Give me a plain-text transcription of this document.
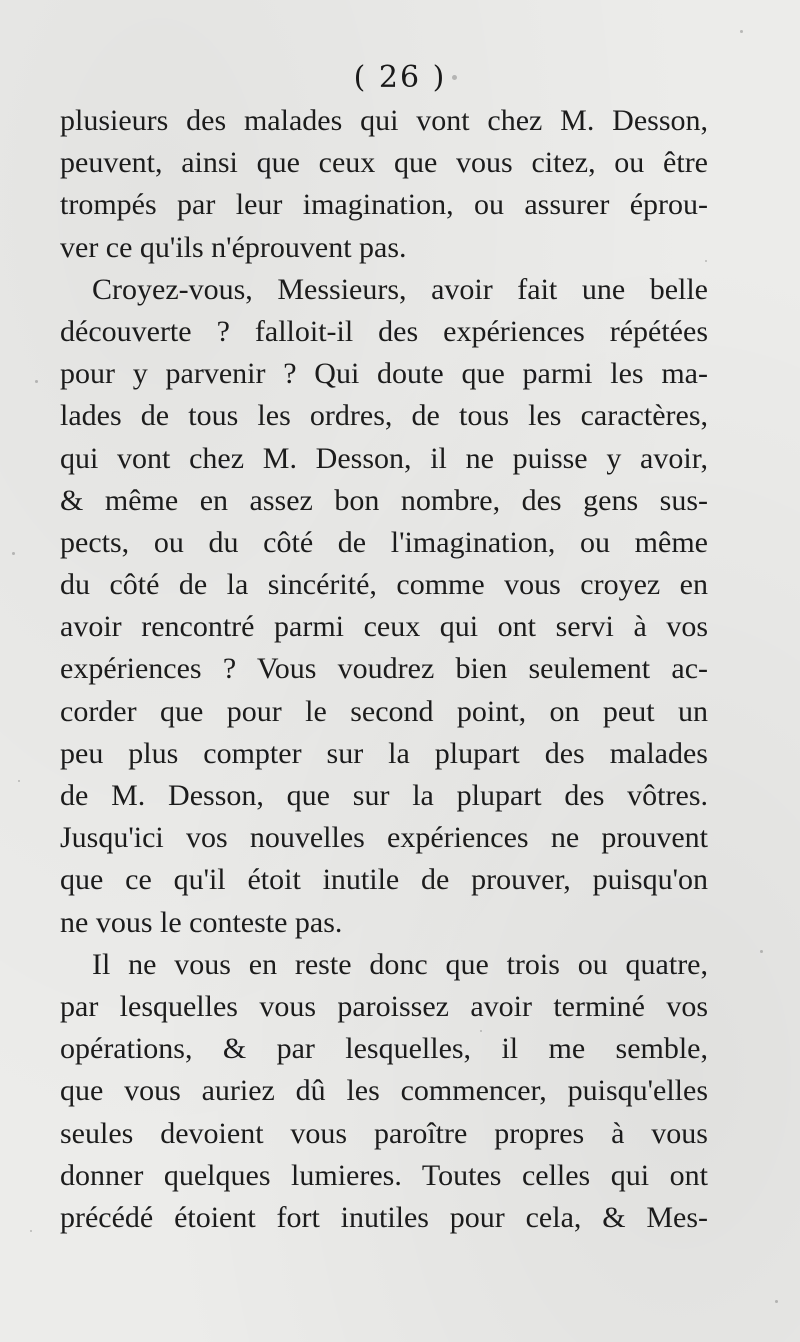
( 26 )
plusieurs des malades qui vont chez M. Desson,
peuvent, ainsi que ceux que vous citez, ou être
trompés par leur imagination, ou assurer éprou-
ver ce qu'ils n'éprouvent pas.
Croyez-vous, Messieurs, avoir fait une belle
découverte ? falloit-il des expériences répétées
pour y parvenir ? Qui doute que parmi les ma-
lades de tous les ordres, de tous les caractères,
qui vont chez M. Desson, il ne puisse y avoir,
& même en assez bon nombre, des gens sus-
pects, ou du côté de l'imagination, ou même
du côté de la sincérité, comme vous croyez en
avoir rencontré parmi ceux qui ont servi à vos
expériences ? Vous voudrez bien seulement ac-
corder que pour le second point, on peut un
peu plus compter sur la plupart des malades
de M. Desson, que sur la plupart des vôtres.
Jusqu'ici vos nouvelles expériences ne prouvent
que ce qu'il étoit inutile de prouver, puisqu'on
ne vous le conteste pas.
Il ne vous en reste donc que trois ou quatre,
par lesquelles vous paroissez avoir terminé vos
opérations, & par lesquelles, il me semble,
que vous auriez dû les commencer, puisqu'elles
seules devoient vous paroître propres à vous
donner quelques lumieres. Toutes celles qui ont
précédé étoient fort inutiles pour cela, & Mes-
